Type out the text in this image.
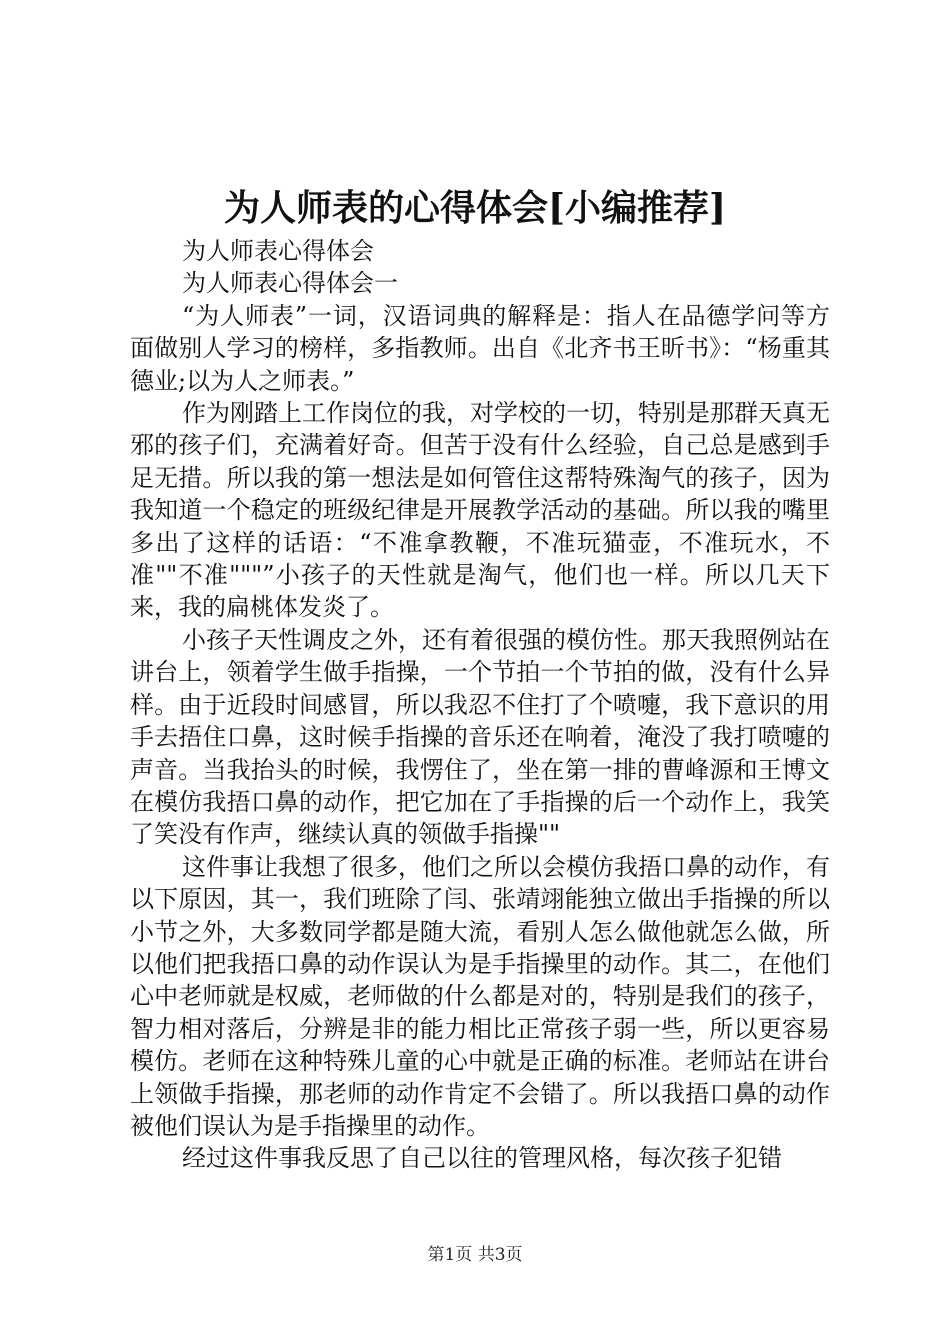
为人师表的心得体会[小编推荐]

为人师表心得体会

为人师表心得体会一

“为人师表”一词，汉语词典的解释是：指人在品德学问等方面做别人学习的榜样，多指教师。出自《北齐书王昕书》：“杨重其德业;以为人之师表。”

作为刚踏上工作岗位的我，对学校的一切，特别是那群天真无邪的孩子们，充满着好奇。但苦于没有什么经验，自己总是感到手足无措。所以我的第一想法是如何管住这帮特殊淘气的孩子，因为我知道一个稳定的班级纪律是开展教学活动的基础。所以我的嘴里多出了这样的话语：“不准拿教鞭，不准玩猫壶，不准玩水，不准""不准"""”小孩子的天性就是淘气，他们也一样。所以几天下来，我的扁桃体发炎了。

小孩子天性调皮之外，还有着很强的模仿性。那天我照例站在讲台上，领着学生做手指操，一个节拍一个节拍的做，没有什么异样。由于近段时间感冒，所以我忍不住打了个喷嚏，我下意识的用手去捂住口鼻，这时候手指操的音乐还在响着，淹没了我打喷嚏的声音。当我抬头的时候，我愣住了，坐在第一排的曹峰源和王博文在模仿我捂口鼻的动作，把它加在了手指操的后一个动作上，我笑了笑没有作声，继续认真的领做手指操""

这件事让我想了很多，他们之所以会模仿我捂口鼻的动作，有以下原因，其一，我们班除了闫、张靖翊能独立做出手指操的所以小节之外，大多数同学都是随大流，看别人怎么做他就怎么做，所以他们把我捂口鼻的动作误认为是手指操里的动作。其二，在他们心中老师就是权威，老师做的什么都是对的，特别是我们的孩子，智力相对落后，分辨是非的能力相比正常孩子弱一些，所以更容易模仿。老师在这种特殊儿童的心中就是正确的标准。老师站在讲台上领做手指操，那老师的动作肯定不会错了。所以我捂口鼻的动作被他们误认为是手指操里的动作。

经过这件事我反思了自己以往的管理风格，每次孩子犯错

第1页 共3页
